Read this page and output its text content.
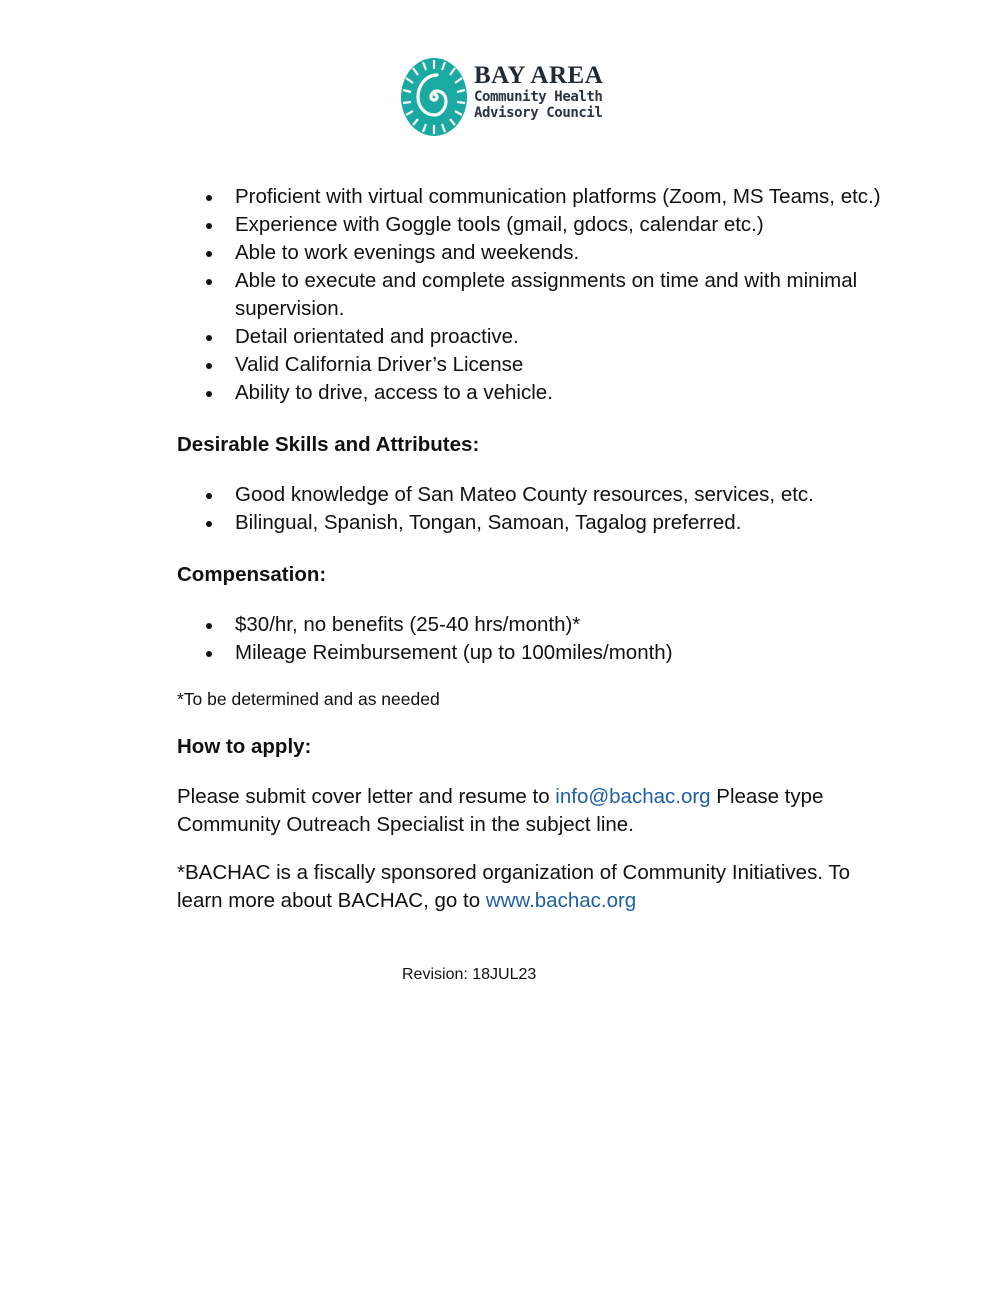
BAY AREA
Community Health
Advisory Council
Proficient with virtual communication platforms (Zoom, MS Teams, etc.)
Experience with Goggle tools (gmail, gdocs, calendar etc.)
Able to work evenings and weekends.
Able to execute and complete assignments on time and with minimal supervision.
Detail orientated and proactive.
Valid California Driver’s License
Ability to drive, access to a vehicle.
Desirable Skills and Attributes:
Good knowledge of San Mateo County resources, services, etc.
Bilingual, Spanish, Tongan, Samoan, Tagalog preferred.
Compensation:
$30/hr, no benefits (25-40 hrs/month)*
Mileage Reimbursement (up to 100miles/month)
*To be determined and as needed
How to apply:

Please submit cover letter and resume to info@bachac.org Please type Community Outreach Specialist in the subject line.

*BACHAC is a fiscally sponsored organization of Community Initiatives. To learn more about BACHAC, go to www.bachac.org

Revision: 18JUL23
